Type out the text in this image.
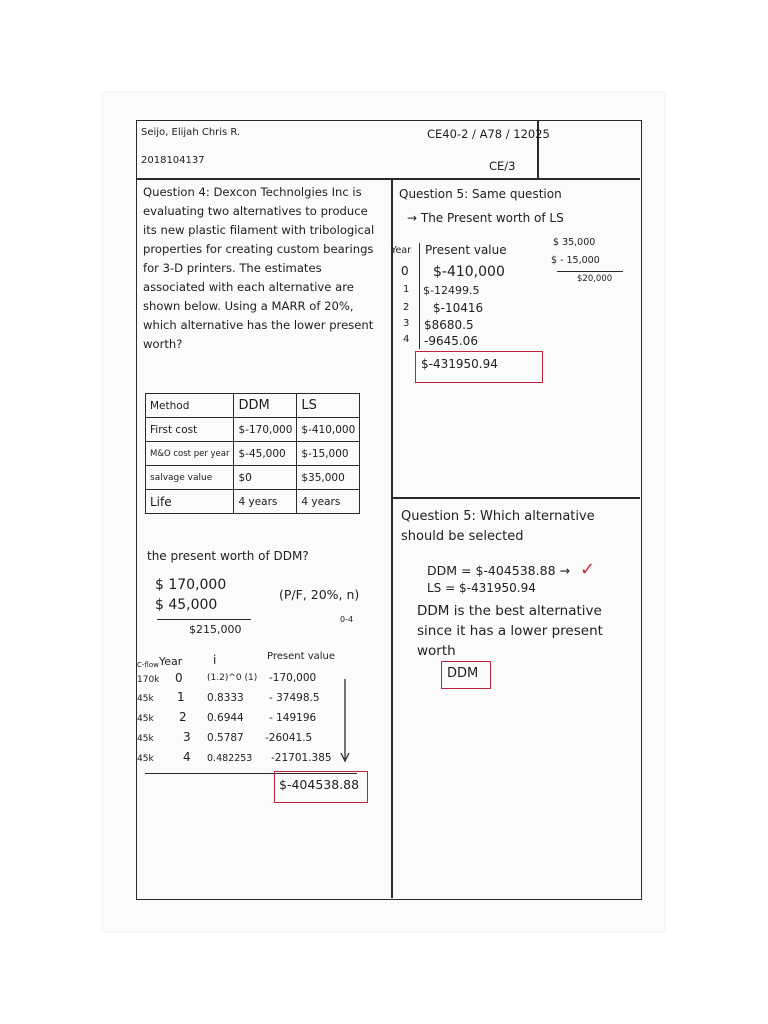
Seijo, Elijah Chris R.
2018104137
CE40-2 / A78 / 12025
CE/3
Question 4: Dexcon Technolgies Inc is evaluating two alternatives to produce its new plastic filament with tribological properties for creating custom bearings for 3-D printers. The estimates associated with each alternative are shown below. Using a MARR of 20%, which alternative has the lower present worth?
Method	DDM	LS
First cost	$-170,000	$-410,000
M&O cost per year	$-45,000	$-15,000
salvage value	$0	$35,000
Life	4 years	4 years
the present worth of DDM?
$ 170,000
$ 45,000
$215,000
(P/F, 20%, n)
0-4
C-flow Year	i	Present value
170k 0	(1.2)^0 (1) -170,000
45k 1 0.8333 - 37498.5
45k 2 0.6944 - 149196
45k 3 0.5787 -26041.5
45k 4 0.482253 -21701.385
$-404538.88
Question 5: Same question
→ The Present worth of LS
Year Present value
0 $-410,000
1 $-12499.5
2 $-10416
3 $8680.5
4 -9645.06
$-431950.94
$ 35,000
$ - 15,000
$20,000
Question 5: Which alternative should be selected
DDM = $-404538.88 → ✓
LS = $-431950.94
DDM is the best alternative since it has a lower present worth
DDM
